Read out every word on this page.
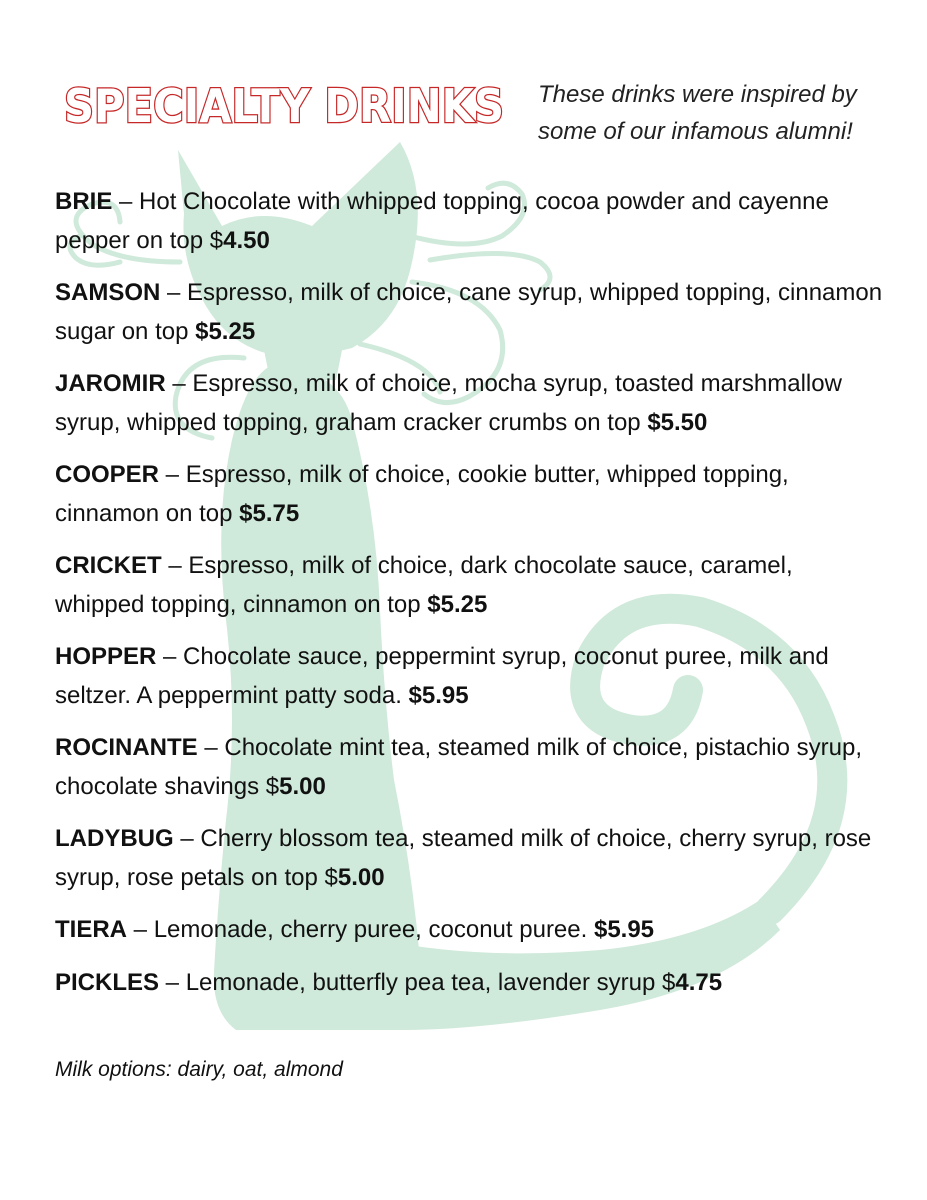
SPECIALTY DRINKS These drinks were inspired by
some of our infamous alumni!
BRIE – Hot Chocolate with whipped topping, cocoa powder and cayenne pepper on top $4.50
SAMSON – Espresso, milk of choice, cane syrup, whipped topping, cinnamon sugar on top $5.25
JAROMIR – Espresso, milk of choice, mocha syrup, toasted marshmallow syrup, whipped topping, graham cracker crumbs on top $5.50
COOPER – Espresso, milk of choice, cookie butter, whipped topping, cinnamon on top $5.75
CRICKET – Espresso, milk of choice, dark chocolate sauce, caramel, whipped topping, cinnamon on top $5.25
HOPPER – Chocolate sauce, peppermint syrup, coconut puree, milk and seltzer. A peppermint patty soda. $5.95
ROCINANTE – Chocolate mint tea, steamed milk of choice, pistachio syrup, chocolate shavings $5.00
LADYBUG – Cherry blossom tea, steamed milk of choice, cherry syrup, rose syrup, rose petals on top $5.00
TIERA – Lemonade, cherry puree, coconut puree. $5.95
PICKLES – Lemonade, butterfly pea tea, lavender syrup $4.75
Milk options: dairy, oat, almond
